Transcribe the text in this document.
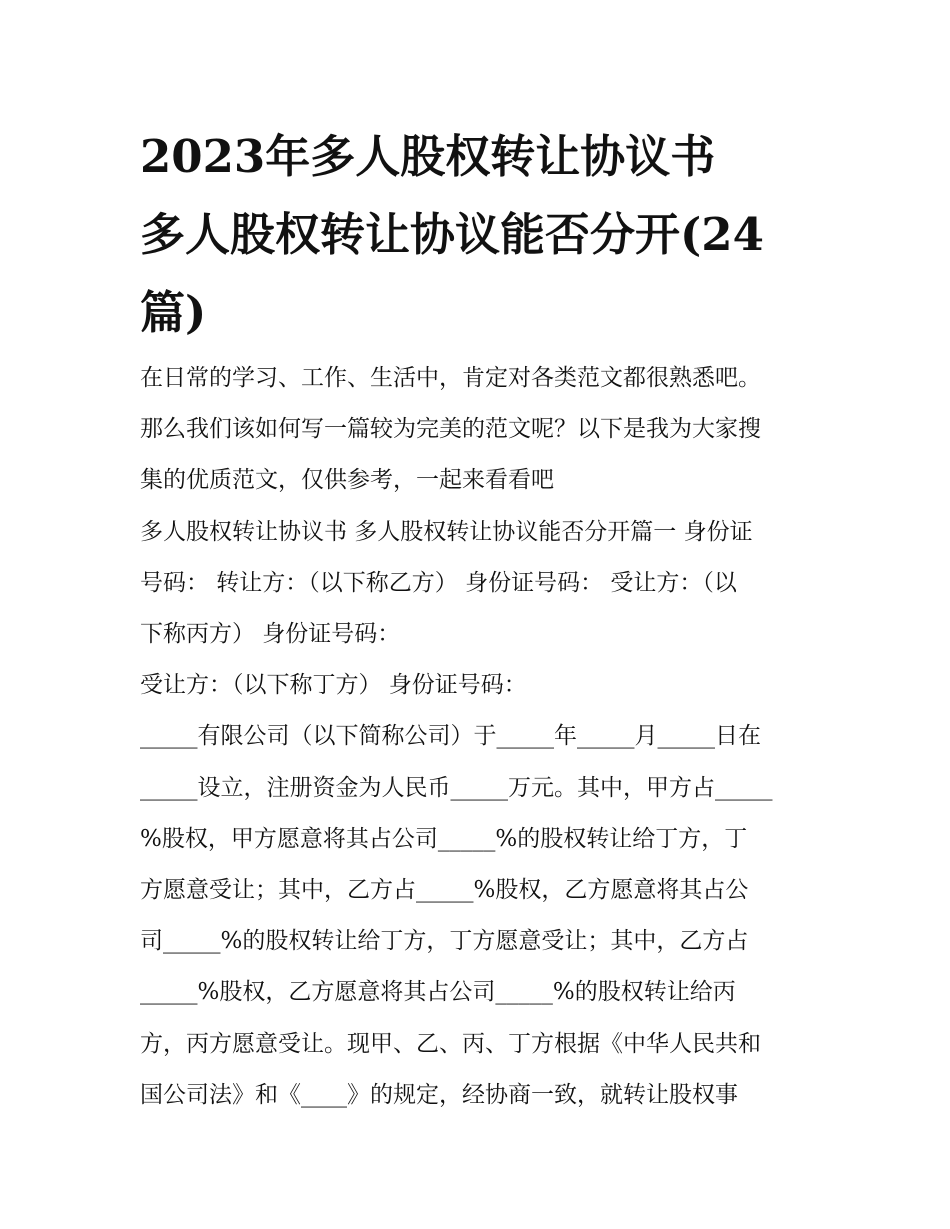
2023年多人股权转让协议书
多人股权转让协议能否分开(24
篇)
在日常的学习、工作、生活中，肯定对各类范文都很熟悉吧。
那么我们该如何写一篇较为完美的范文呢？以下是我为大家搜
集的优质范文，仅供参考，一起来看看吧
多人股权转让协议书 多人股权转让协议能否分开篇一 身份证
号码： 转让方：（以下称乙方） 身份证号码： 受让方：（以
下称丙方） 身份证号码：
受让方：（以下称丁方） 身份证号码：
_____有限公司（以下简称公司）于_____年_____月_____日在
_____设立，注册资金为人民币_____万元。其中，甲方占_____
%股权，甲方愿意将其占公司_____%的股权转让给丁方，丁
方愿意受让；其中，乙方占_____%股权，乙方愿意将其占公
司_____%的股权转让给丁方，丁方愿意受让；其中，乙方占
_____%股权，乙方愿意将其占公司_____%的股权转让给丙
方，丙方愿意受让。现甲、乙、丙、丁方根据《中华人民共和
国公司法》和《____》的规定，经协商一致，就转让股权事
